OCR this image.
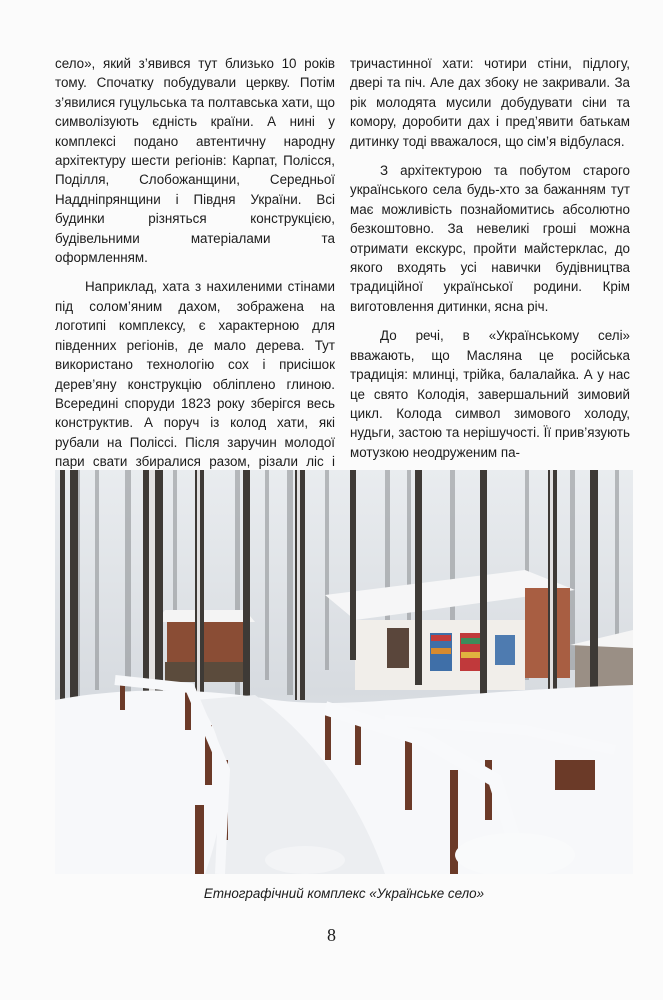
село», який з’явився тут близько 10 років тому. Спочатку побудували церкву. Потім з’явилися гуцульська та полтавська хати, що символізують єдність країни. А нині у комплексі подано автентичну народну архітектуру шести регіонів: Карпат, Полісся, Поділля, Слобожанщини, Середньої Наддніпрянщини і Півдня України. Всі будинки різняться конструкцією, будівельними матеріалами та оформленням.

Наприклад, хата з нахиленими стінами під солом’яним дахом, зображена на логотипі комплексу, є характерною для південних регіонів, де мало дерева. Тут використано технологію сох і присішок дерев’яну конструкцію обліплено глиною. Всередині споруди 1823 року зберігся весь конструктив. А поруч із колод хати, які рубали на Поліссі. Після заручин молодої пари свати збиралися разом, різали ліс і

тричастинної хати: чотири стіни, підлогу, двері та піч. Але дах збоку не закривали. За рік молодята мусили добудувати сіни та комору, доробити дах і пред’явити батькам дитинку тоді вважалося, що сім’я відбулася.

З архітектурою та побутом старого українського села будь-хто за бажанням тут має можливість познайомитись абсолютно безкоштовно. За невеликі гроші можна отримати екскурс, пройти майстерклас, до якого входять усі навички будівництва традиційної української родини. Крім виготовлення дитинки, ясна річ.

До речі, в «Українському селі» вважають, що Масляна це російська традиція: млинці, трійка, балалайка. А у нас це свято Колодія, завершальний зимовий цикл. Колода символ зимового холоду, нудьги, застою та нерішучості. Її прив’язують мотузкою неодруженим па-

Етнографічний комплекс «Українське село»
8
